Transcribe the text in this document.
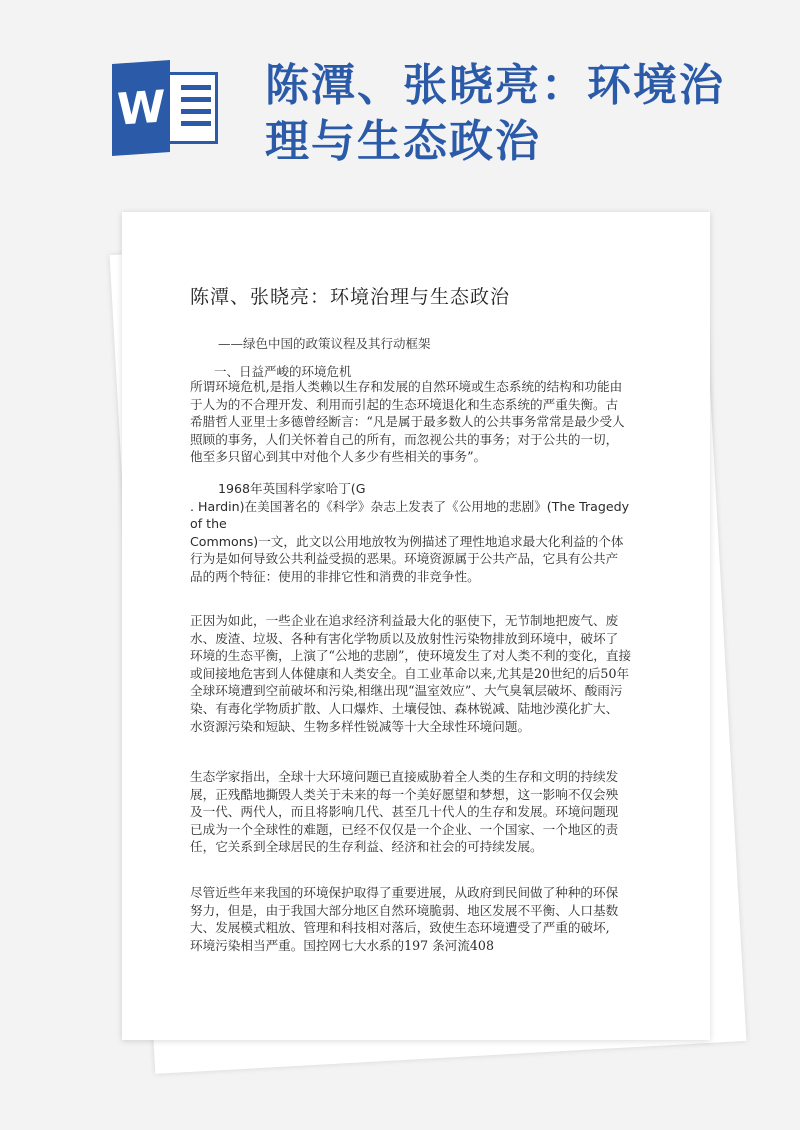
W 陈潭、张晓亮：环境治理与生态政治
陈潭、张晓亮：环境治理与生态政治
——绿色中国的政策议程及其行动框架
一、日益严峻的环境危机

所谓环境危机,是指人类赖以生存和发展的自然环境或生态系统的结构和功能由
于人为的不合理开发、利用而引起的生态环境退化和生态系统的严重失衡。古
希腊哲人亚里士多德曾经断言：“凡是属于最多数人的公共事务常常是最少受人
照顾的事务，人们关怀着自己的所有，而忽视公共的事务；对于公共的一切，
他至多只留心到其中对他个人多少有些相关的事务”。

1968年英国科学家哈丁(G
. Hardin)在美国著名的《科学》杂志上发表了《公用地的悲剧》(The Tragedy
of the
Commons)一文，此文以公用地放牧为例描述了理性地追求最大化利益的个体
行为是如何导致公共利益受损的恶果。环境资源属于公共产品，它具有公共产
品的两个特征：使用的非排它性和消费的非竞争性。

正因为如此，一些企业在追求经济利益最大化的驱使下，无节制地把废气、废
水、废渣、垃圾、各种有害化学物质以及放射性污染物排放到环境中，破坏了
环境的生态平衡，上演了“公地的悲剧”，使环境发生了对人类不利的变化，直接
或间接地危害到人体健康和人类安全。自工业革命以来,尤其是20世纪的后50年
全球环境遭到空前破坏和污染,相继出现“温室效应”、大气臭氧层破坏、酸雨污
染、有毒化学物质扩散、人口爆炸、土壤侵蚀、森林锐减、陆地沙漠化扩大、
水资源污染和短缺、生物多样性锐减等十大全球性环境问题。

生态学家指出，全球十大环境问题已直接威胁着全人类的生存和文明的持续发
展，正残酷地撕毁人类关于未来的每一个美好愿望和梦想，这一影响不仅会殃
及一代、两代人，而且将影响几代、甚至几十代人的生存和发展。环境问题现
已成为一个全球性的难题，已经不仅仅是一个企业、一个国家、一个地区的责
任，它关系到全球居民的生存利益、经济和社会的可持续发展。

尽管近些年来我国的环境保护取得了重要进展，从政府到民间做了种种的环保
努力，但是，由于我国大部分地区自然环境脆弱、地区发展不平衡、人口基数
大、发展模式粗放、管理和科技相对落后，致使生态环境遭受了严重的破坏,
环境污染相当严重。国控网七大水系的197 条河流408
